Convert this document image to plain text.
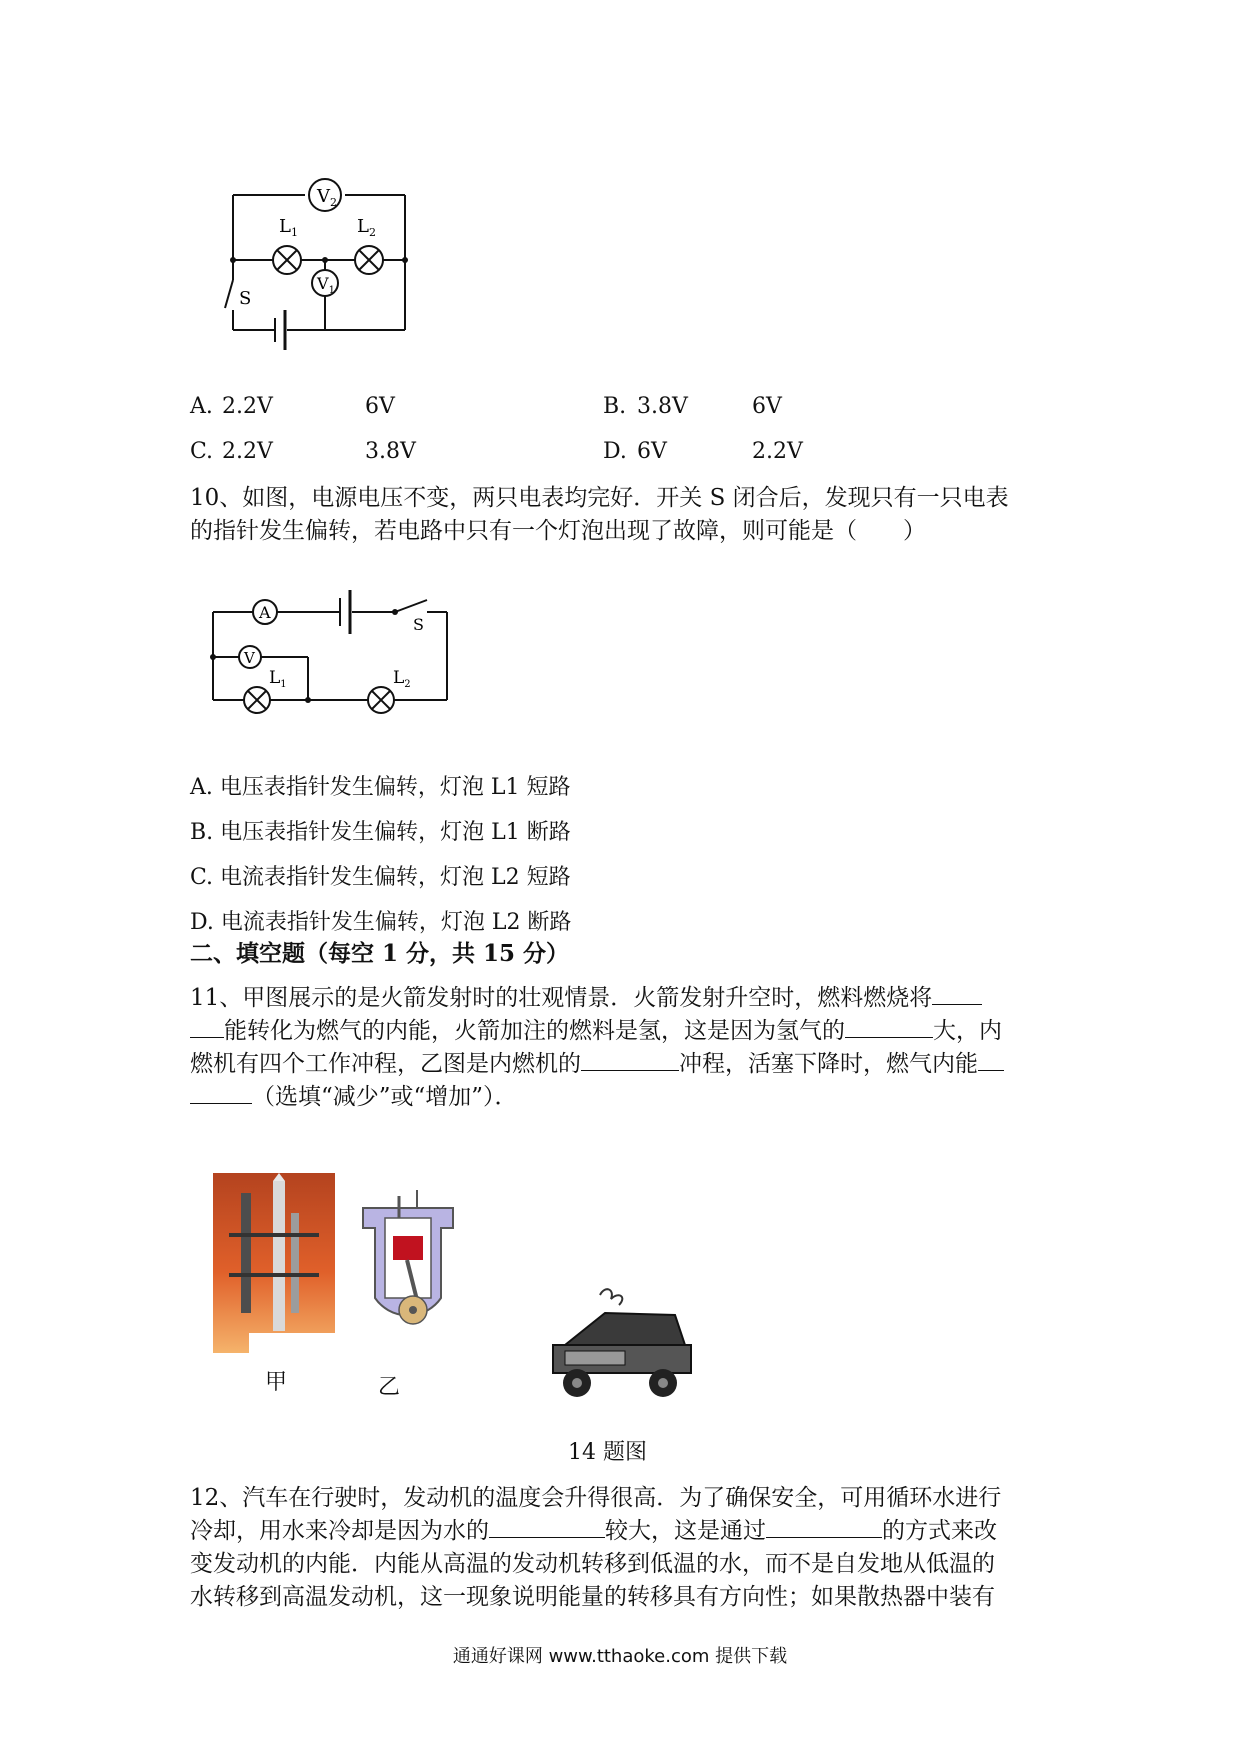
$V_2$
$V_1$
$L_1$	$L_2$
S
A. 2.2V	6V	B. 3.8V	6V
C. 2.2V	3.8V	D. 6V	2.2V
10、如图，电源电压不变，两只电表均完好．开关 S 闭合后，发现只有一只电表
的指针发生偏转，若电路中只有一个灯泡出现了故障，则可能是（　　）
A
V
S
$L_1$	$L_2$
A. 电压表指针发生偏转，灯泡 L1 短路
B. 电压表指针发生偏转，灯泡 L1 断路
C. 电流表指针发生偏转，灯泡 L2 短路
D. 电流表指针发生偏转，灯泡 L2 断路
二、填空题（每空 1 分，共 15 分）
11、甲图展示的是火箭发射时的壮观情景．火箭发射升空时，燃料燃烧将
能转化为燃气的内能，火箭加注的燃料是氢，这是因为氢气的	大，内
燃机有四个工作冲程，乙图是内燃机的	冲程，活塞下降时，燃气内能
（选填“减少”或“增加”）．
甲	乙
14 题图
12、汽车在行驶时，发动机的温度会升得很高．为了确保安全，可用循环水进行
冷却，用水来冷却是因为水的	较大，这是通过	的方式来改
变发动机的内能．内能从高温的发动机转移到低温的水，而不是自发地从低温的
水转移到高温发动机，这一现象说明能量的转移具有方向性；如果散热器中装有
通通好课网 www.tthaoke.com 提供下载
